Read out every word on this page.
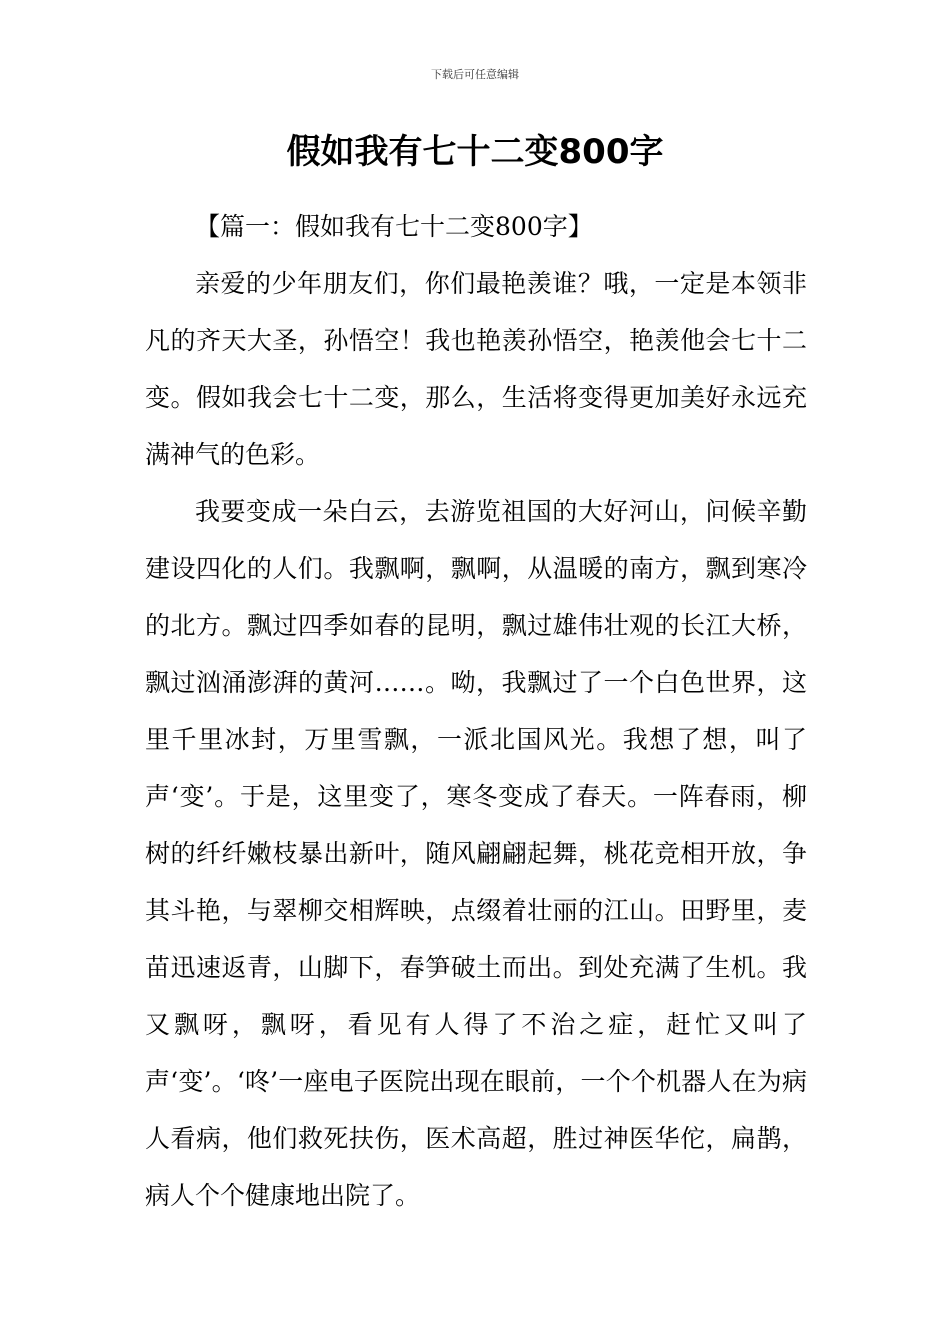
下载后可任意编辑
假如我有七十二变800字

【篇一：假如我有七十二变800字】

亲爱的少年朋友们，你们最艳羡谁？哦，一定是本领非凡的齐天大圣，孙悟空！我也艳羡孙悟空，艳羡他会七十二变。假如我会七十二变，那么，生活将变得更加美好永远充满神气的色彩。

我要变成一朵白云，去游览祖国的大好河山，问候辛勤建设四化的人们。我飘啊，飘啊，从温暖的南方，飘到寒冷的北方。飘过四季如春的昆明，飘过雄伟壮观的长江大桥，飘过汹涌澎湃的黄河……。呦，我飘过了一个白色世界，这里千里冰封，万里雪飘，一派北国风光。我想了想，叫了声‘变’。于是，这里变了，寒冬变成了春天。一阵春雨，柳树的纤纤嫩枝暴出新叶，随风翩翩起舞，桃花竞相开放，争其斗艳，与翠柳交相辉映，点缀着壮丽的江山。田野里，麦苗迅速返青，山脚下，春笋破土而出。到处充满了生机。我又飘呀，飘呀，看见有人得了不治之症，赶忙又叫了声‘变’。‘咚’一座电子医院出现在眼前，一个个机器人在为病人看病，他们救死扶伤，医术高超，胜过神医华佗，扁鹊，病人个个健康地出院了。
